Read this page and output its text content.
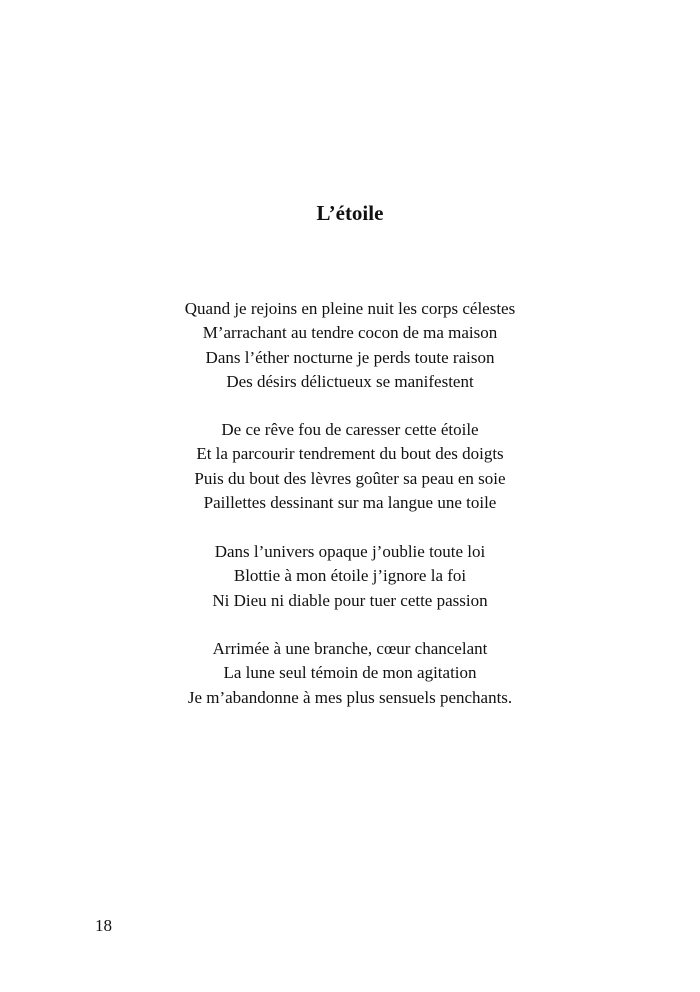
L’étoile
Quand je rejoins en pleine nuit les corps célestes
M’arrachant au tendre cocon de ma maison
Dans l’éther nocturne je perds toute raison
Des désirs délictueux se manifestent
De ce rêve fou de caresser cette étoile
Et la parcourir tendrement du bout des doigts
Puis du bout des lèvres goûter sa peau en soie
Paillettes dessinant sur ma langue une toile
Dans l’univers opaque j’oublie toute loi
Blottie à mon étoile j’ignore la foi
Ni Dieu ni diable pour tuer cette passion
Arrimée à une branche, cœur chancelant
La lune seul témoin de mon agitation
Je m’abandonne à mes plus sensuels penchants.
18
